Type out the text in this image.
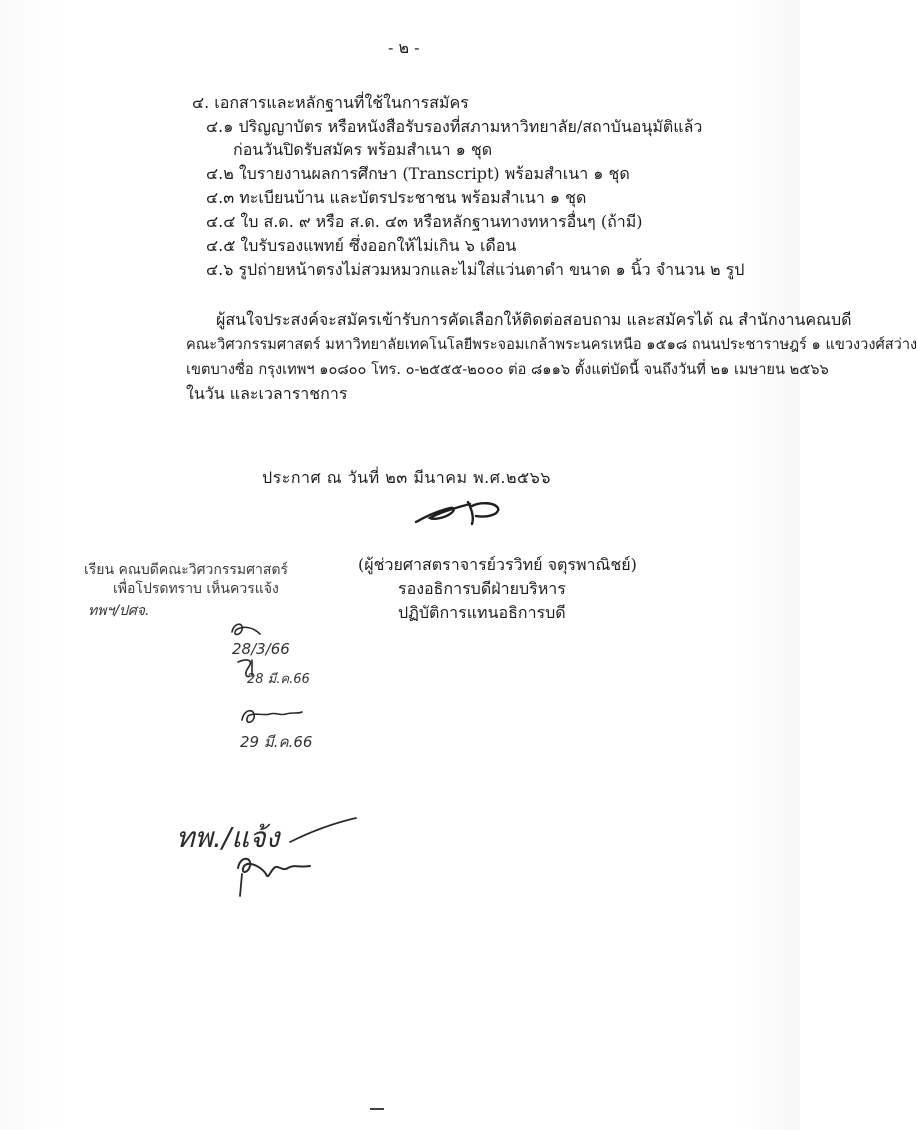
- ๒ -
๔. เอกสารและหลักฐานที่ใช้ในการสมัคร
๔.๑ ปริญญาบัตร หรือหนังสือรับรองที่สภามหาวิทยาลัย/สถาบันอนุมัติแล้ว
ก่อนวันปิดรับสมัคร พร้อมสำเนา ๑ ชุด
๔.๒ ใบรายงานผลการศึกษา (Transcript) พร้อมสำเนา ๑ ชุด
๔.๓ ทะเบียนบ้าน และบัตรประชาชน พร้อมสำเนา ๑ ชุด
๔.๔ ใบ ส.ด. ๙ หรือ ส.ด. ๔๓ หรือหลักฐานทางทหารอื่นๆ (ถ้ามี)
๔.๕ ใบรับรองแพทย์ ซึ่งออกให้ไม่เกิน ๖ เดือน
๔.๖ รูปถ่ายหน้าตรงไม่สวมหมวกและไม่ใส่แว่นตาดำ ขนาด ๑ นิ้ว จำนวน ๒ รูป
ผู้สนใจประสงค์จะสมัครเข้ารับการคัดเลือกให้ติดต่อสอบถาม และสมัครได้ ณ สำนักงานคณบดี
คณะวิศวกรรมศาสตร์ มหาวิทยาลัยเทคโนโลยีพระจอมเกล้าพระนครเหนือ ๑๕๑๘ ถนนประชาราษฎร์ ๑ แขวงวงศ์สว่าง
เขตบางซื่อ กรุงเทพฯ ๑๐๘๐๐ โทร. ๐-๒๕๕๕-๒๐๐๐ ต่อ ๘๑๑๖ ตั้งแต่บัดนี้ จนถึงวันที่ ๒๑ เมษายน ๒๕๖๖
ในวัน และเวลาราชการ
ประกาศ ณ วันที่ ๒๓ มีนาคม พ.ศ.๒๕๖๖
(ผู้ช่วยศาสตราจารย์วรวิทย์ จตุรพาณิชย์)
รองอธิการบดีฝ่ายบริหาร
ปฏิบัติการแทนอธิการบดี
เรียน คณบดีคณะวิศวกรรมศาสตร์
เพื่อโปรดทราบ เห็นควรแจ้ง
ทพฯ/ปศจ.
28/3/66
28 มี.ค.66
29 มี.ค.66
ทพ./แจ้ง
